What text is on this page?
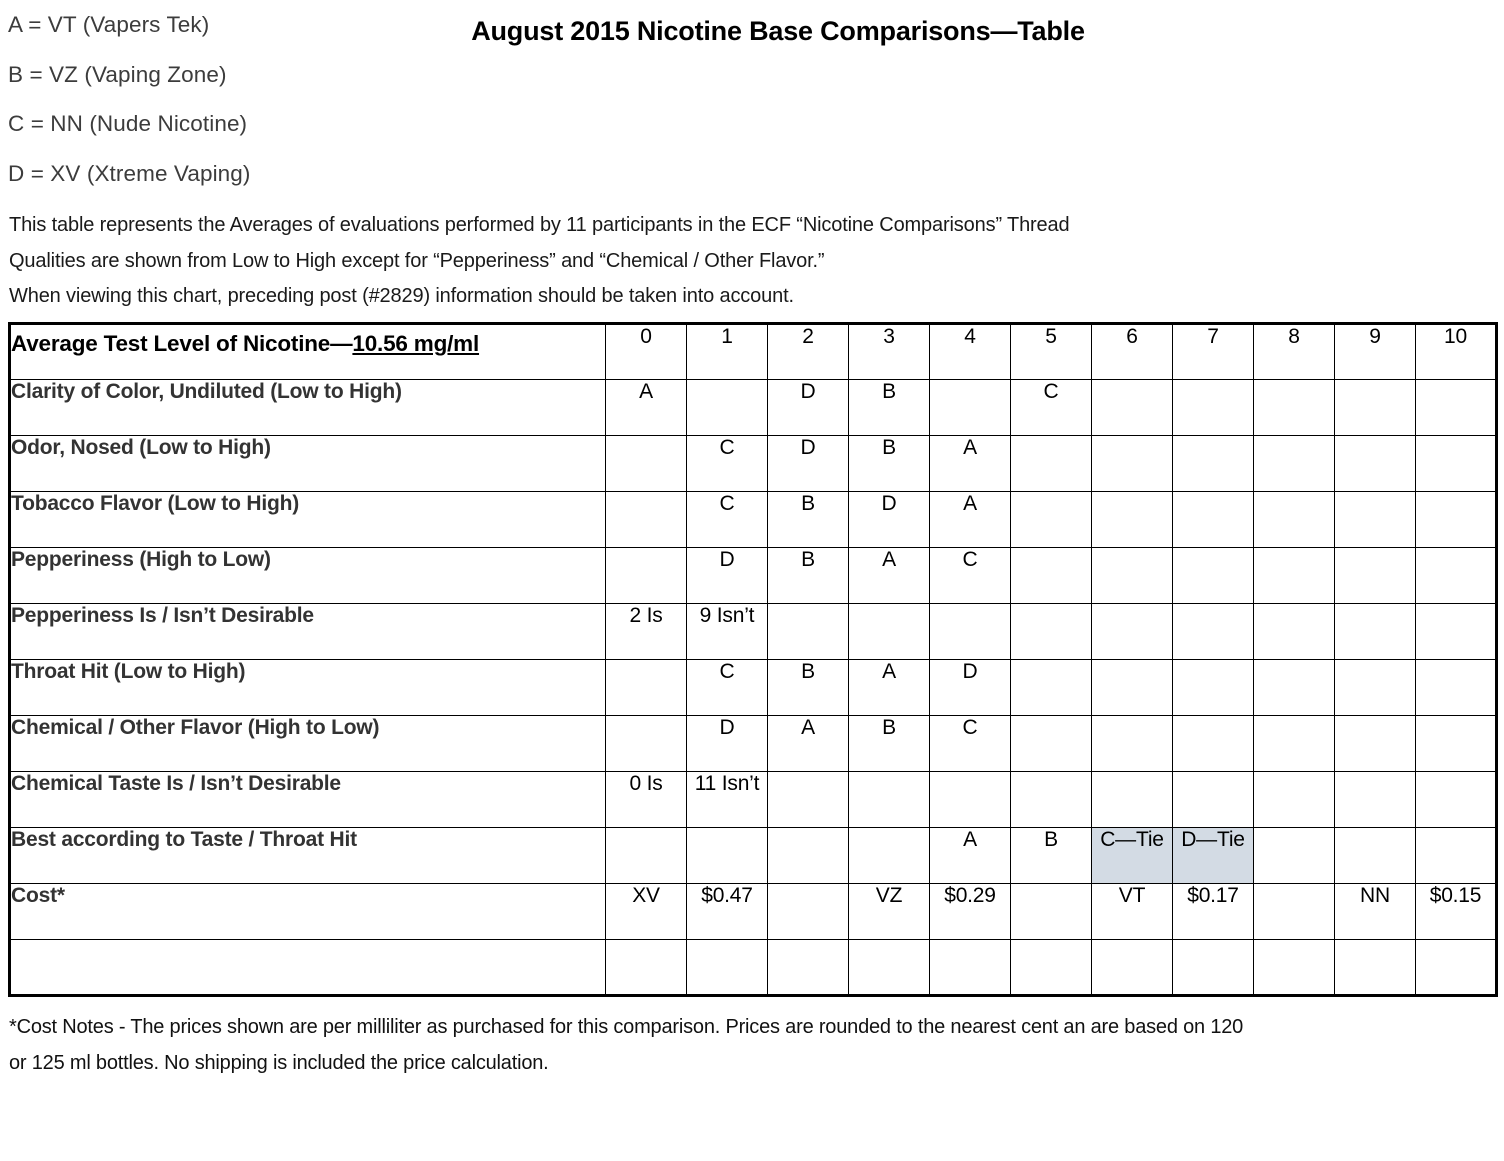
A = VT (Vapers Tek)
B = VZ (Vaping Zone)
C = NN (Nude Nicotine)
D = XV (Xtreme Vaping)
August 2015 Nicotine Base Comparisons—Table
This table represents the Averages of evaluations performed by 11 participants in the ECF “Nicotine Comparisons” Thread
Qualities are shown from Low to High except for “Pepperiness” and “Chemical / Other Flavor.”
When viewing this chart, preceding post (#2829) information should be taken into account.
Average Test Level of Nicotine—10.56 mg/ml	0	1	2	3	4	5	6	7	8	9	10
Clarity of Color, Undiluted (Low to High)	A		D	B		C					
Odor, Nosed (Low to High)		C	D	B	A						
Tobacco Flavor (Low to High)		C	B	D	A						
Pepperiness (High to Low)		D	B	A	C						
Pepperiness Is / Isn’t Desirable	2 Is	9 Isn’t									
Throat Hit (Low to High)		C	B	A	D						
Chemical / Other Flavor (High to Low)		D	A	B	C						
Chemical Taste Is / Isn’t Desirable	0 Is	11 Isn’t									
Best according to Taste / Throat Hit					A	B	C—Tie	D—Tie			
Cost*	XV	$0.47		VZ	$0.29		VT	$0.17		NN	$0.15

*Cost Notes - The prices shown are per milliliter as purchased for this comparison. Prices are rounded to the nearest cent an are based on 120
or 125 ml bottles. No shipping is included the price calculation.
